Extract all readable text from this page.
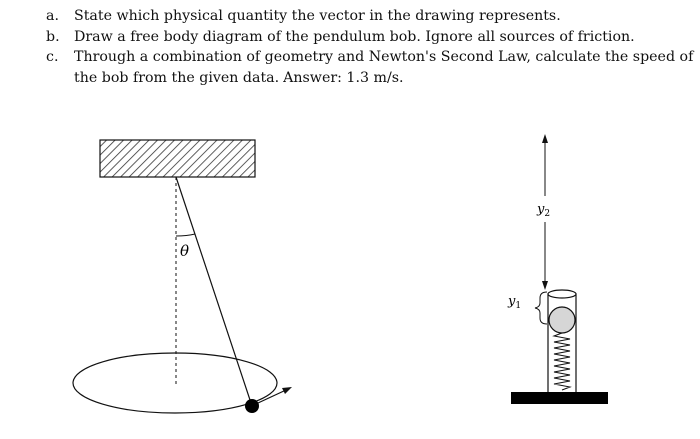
a. State which physical quantity the vector in the drawing represents.
b. Draw a free body diagram of the pendulum bob. Ignore all sources of friction.
c. Through a combination of geometry and Newton's Second Law, calculate the speed of
the bob from the given data. Answer: 1.3 m/s.
θ
$y_2$
$y_1$
